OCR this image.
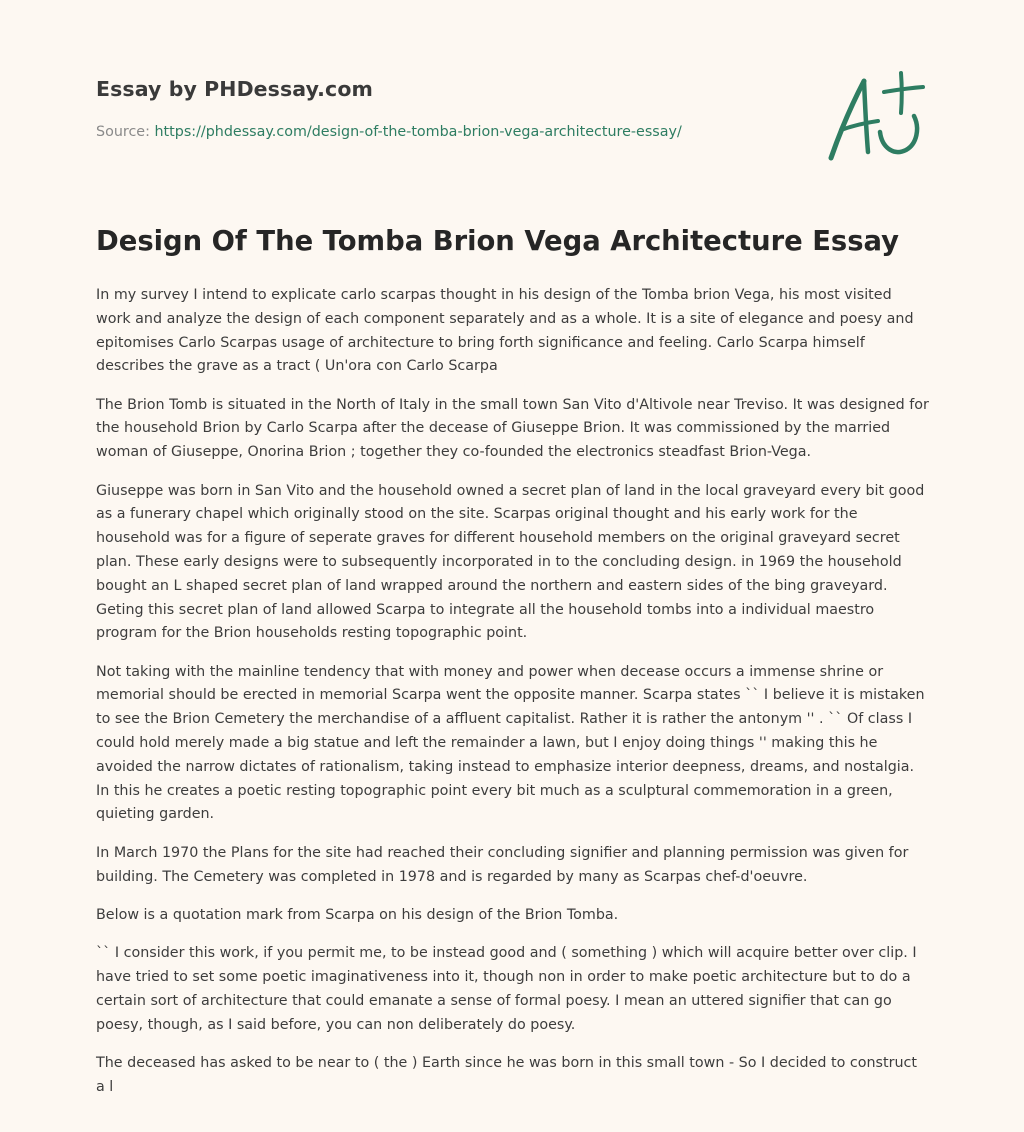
Essay by PHDessay.com
Source: https://phdessay.com/design-of-the-tomba-brion-vega-architecture-essay/
Design Of The Tomba Brion Vega Architecture Essay

In my survey I intend to explicate carlo scarpas thought in his design of the Tomba brion Vega, his most visited work and analyze the design of each component separately and as a whole. It is a site of elegance and poesy and epitomises Carlo Scarpas usage of architecture to bring forth significance and feeling. Carlo Scarpa himself describes the grave as a tract ( Un'ora con Carlo Scarpa

The Brion Tomb is situated in the North of Italy in the small town San Vito d'Altivole near Treviso. It was designed for the household Brion by Carlo Scarpa after the decease of Giuseppe Brion. It was commissioned by the married woman of Giuseppe, Onorina Brion ; together they co-founded the electronics steadfast Brion-Vega.

Giuseppe was born in San Vito and the household owned a secret plan of land in the local graveyard every bit good as a funerary chapel which originally stood on the site. Scarpas original thought and his early work for the household was for a figure of seperate graves for different household members on the original graveyard secret plan. These early designs were to subsequently incorporated in to the concluding design. in 1969 the household bought an L shaped secret plan of land wrapped around the northern and eastern sides of the bing graveyard. Geting this secret plan of land allowed Scarpa to integrate all the household tombs into a individual maestro program for the Brion households resting topographic point.

Not taking with the mainline tendency that with money and power when decease occurs a immense shrine or memorial should be erected in memorial Scarpa went the opposite manner. Scarpa states `` I believe it is mistaken to see the Brion Cemetery the merchandise of a affluent capitalist. Rather it is rather the antonym '' . `` Of class I could hold merely made a big statue and left the remainder a lawn, but I enjoy doing things '' making this he avoided the narrow dictates of rationalism, taking instead to emphasize interior deepness, dreams, and nostalgia. In this he creates a poetic resting topographic point every bit much as a sculptural commemoration in a green, quieting garden.

In March 1970 the Plans for the site had reached their concluding signifier and planning permission was given for building. The Cemetery was completed in 1978 and is regarded by many as Scarpas chef-d'oeuvre.

Below is a quotation mark from Scarpa on his design of the Brion Tomba.

`` I consider this work, if you permit me, to be instead good and ( something ) which will acquire better over clip. I have tried to set some poetic imaginativeness into it, though non in order to make poetic architecture but to do a certain sort of architecture that could emanate a sense of formal poesy. I mean an uttered signifier that can go poesy, though, as I said before, you can non deliberately do poesy.

The deceased has asked to be near to ( the ) Earth since he was born in this small town - So I decided to construct a l
